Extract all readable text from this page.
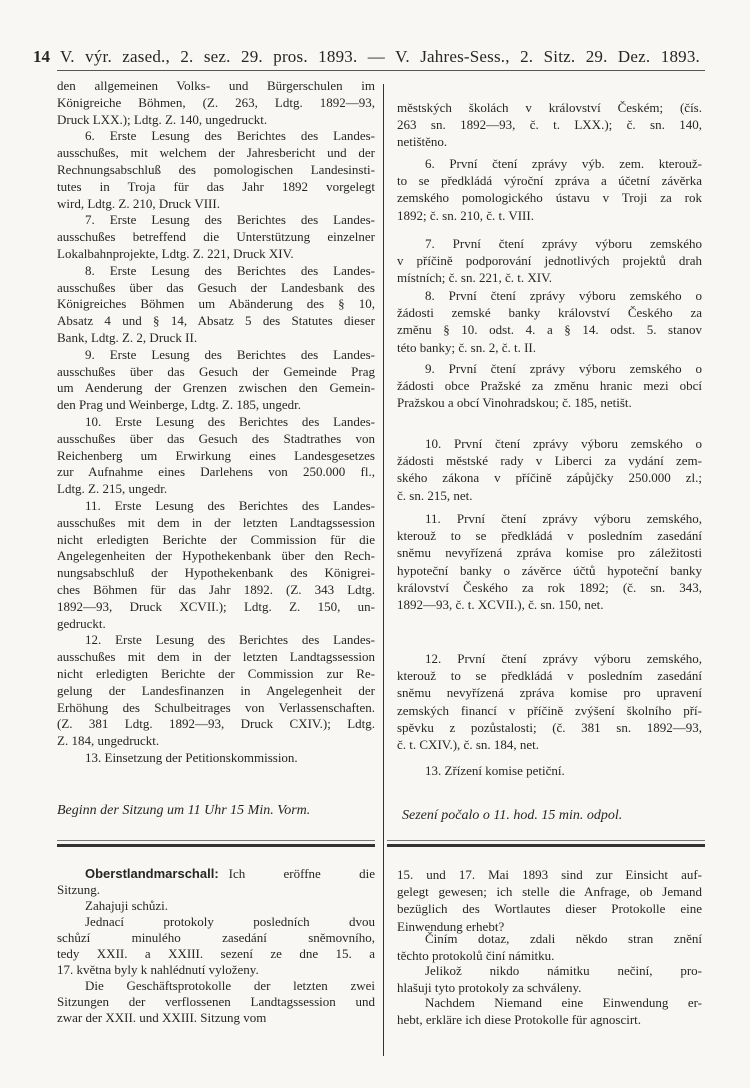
14 V. výr. zased., 2. sez. 29. pros. 1893. — V. Jahres-Sess., 2. Sitz. 29. Dez. 1893.
den allgemeinen Volks- und Bürgerschulen im
Königreiche Böhmen, (Z. 263, Ldtg. 1892—93,
Druck LXX.); Ldtg. Z. 140, ungedruckt.
6. Erste Lesung des Berichtes des Landes-
ausschußes, mit welchem der Jahresbericht und der
Rechnungsabschluß des pomologischen Landesinsti-
tutes in Troja für das Jahr 1892 vorgelegt
wird, Ldtg. Z. 210, Druck VIII.
7. Erste Lesung des Berichtes des Landes-
ausschußes betreffend die Unterstützung einzelner
Lokalbahnprojekte, Ldtg. Z. 221, Druck XIV.
8. Erste Lesung des Berichtes des Landes-
ausschußes über das Gesuch der Landesbank des
Königreiches Böhmen um Abänderung des § 10,
Absatz 4 und § 14, Absatz 5 des Statutes dieser
Bank, Ldtg. Z. 2, Druck II.
9. Erste Lesung des Berichtes des Landes-
ausschußes über das Gesuch der Gemeinde Prag
um Aenderung der Grenzen zwischen den Gemein-
den Prag und Weinberge, Ldtg. Z. 185, ungedr.
10. Erste Lesung des Berichtes des Landes-
ausschußes über das Gesuch des Stadtrathes von
Reichenberg um Erwirkung eines Landesgesetzes
zur Aufnahme eines Darlehens von 250.000 fl.,
Ldtg. Z. 215, ungedr.
11. Erste Lesung des Berichtes des Landes-
ausschußes mit dem in der letzten Landtagssession
nicht erledigten Berichte der Commission für die
Angelegenheiten der Hypothekenbank über den Rech-
nungsabschluß der Hypothekenbank des Königrei-
ches Böhmen für das Jahr 1892. (Z. 343 Ldtg.
1892—93, Druck XCVII.); Ldtg. Z. 150, un-
gedruckt.
12. Erste Lesung des Berichtes des Landes-
ausschußes mit dem in der letzten Landtagssession
nicht erledigten Berichte der Commission zur Re-
gelung der Landesfinanzen in Angelegenheit der
Erhöhung des Schulbeitrages von Verlassenschaften.
(Z. 381 Ldtg. 1892—93, Druck CXIV.); Ldtg.
Z. 184, ungedruckt.
13. Einsetzung der Petitionskommission.
městských školách v království Českém; (čís.
263 sn. 1892—93, č. t. LXX.); č. sn. 140,
netištěno.
6. První čtení zprávy výb. zem. kterouž-
to se předkládá výroční zpráva a účetní závěrka
zemského pomologického ústavu v Troji za rok
1892; č. sn. 210, č. t. VIII.
7. První čtení zprávy výboru zemského
v příčině podporování jednotlivých projektů drah
místních; č. sn. 221, č. t. XIV.
8. První čtení zprávy výboru zemského o
žádosti zemské banky království Českého za
změnu § 10. odst. 4. a § 14. odst. 5. stanov
této banky; č. sn. 2, č. t. II.
9. První čtení zprávy výboru zemského o
žádosti obce Pražské za změnu hranic mezi obcí
Pražskou a obcí Vinohradskou; č. 185, netišt.
10. První čtení zprávy výboru zemského o
žádosti městské rady v Liberci za vydání zem-
ského zákona v příčině zápůjčky 250.000 zl.;
č. sn. 215, net.
11. První čtení zprávy výboru zemského,
kterouž to se předkládá v posledním zasedání
sněmu nevyřízená zpráva komise pro záležitosti
hypoteční banky o závěrce účtů hypoteční banky
království Českého za rok 1892; (č. sn. 343,
1892—93, č. t. XCVII.), č. sn. 150, net.
12. První čtení zprávy výboru zemského,
kterouž to se předkládá v posledním zasedání
sněmu nevyřízená zpráva komise pro upravení
zemských financí v příčině zvýšení školního pří-
spěvku z pozůstalosti; (č. 381 sn. 1892—93,
č. t. CXIV.), č. sn. 184, net.
13. Zřízení komise petiční.
Beginn der Sitzung um 11 Uhr 15 Min. Vorm.	Sezení počalo o 11. hod. 15 min. odpol.
Oberstlandmarschall: Ich eröffne die
Sitzung.
Zahajuji schůzi.
Jednací protokoly posledních dvou
schůzí minulého zasedání sněmovního,
tedy XXII. a XXIII. sezení ze dne 15. a
17. května byly k nahlédnutí vyloženy.
Die Geschäftsprotokolle der letzten zwei
Sitzungen der verflossenen Landtagssession und
zwar der XXII. und XXIII. Sitzung vom
15. und 17. Mai 1893 sind zur Einsicht auf-
gelegt gewesen; ich stelle die Anfrage, ob Jemand
bezüglich des Wortlautes dieser Protokolle eine
Einwendung erhebt?
Činím dotaz, zdali někdo stran znění
těchto protokolů činí námitku.
Jelikož nikdo námitku nečiní, pro-
hlašuji tyto protokoly za schváleny.
Nachdem Niemand eine Einwendung er-
hebt, erkläre ich diese Protokolle für agnoscirt.
